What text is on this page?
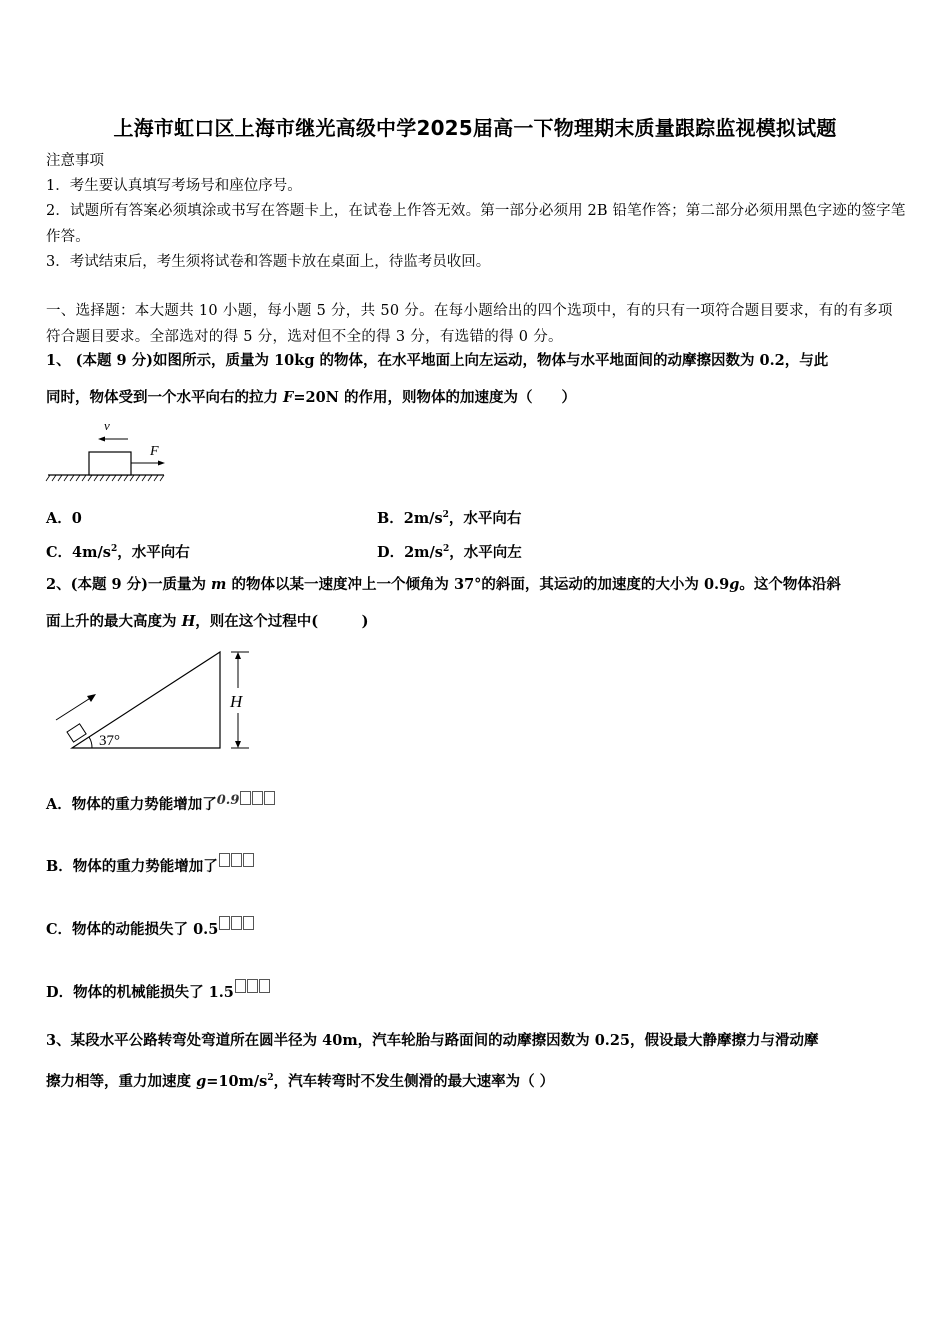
上海市虹口区上海市继光高级中学2025届高一下物理期末质量跟踪监视模拟试题
注意事项
1．考生要认真填写考场号和座位序号。
2．试题所有答案必须填涂或书写在答题卡上，在试卷上作答无效。第一部分必须用 2B 铅笔作答；第二部分必须用黑色字迹的签字笔作答。
3．考试结束后，考生须将试卷和答题卡放在桌面上，待监考员收回。
一、选择题：本大题共 10 小题，每小题 5 分，共 50 分。在每小题给出的四个选项中，有的只有一项符合题目要求，有的有多项符合题目要求。全部选对的得 5 分，选对但不全的得 3 分，有选错的得 0 分。
1、 (本题 9 分)如图所示，质量为 10kg 的物体，在水平地面上向左运动，物体与水平地面间的动摩擦因数为 0.2，与此
同时，物体受到一个水平向右的拉力 F=20N 的作用，则物体的加速度为（　　）
v
F
A．0	B．$2m/s^2$，水平向右
C．$4m/s^2$，水平向右	D．$2m/s^2$，水平向左
2、(本题 9 分)一质量为 m 的物体以某一速度冲上一个倾角为 37°的斜面，其运动的加速度的大小为 0.9g。这个物体沿斜
面上升的最大高度为 H，则在这个过程中(　　　)
37°
H
A．物体的重力势能增加了0.9
B．物体的重力势能增加了
C．物体的动能损失了 0.5
D．物体的机械能损失了 1.5
3、某段水平公路转弯处弯道所在圆半径为 40m，汽车轮胎与路面间的动摩擦因数为 0.25，假设最大静摩擦力与滑动摩
擦力相等，重力加速度 $g=10m/s^2$，汽车转弯时不发生侧滑的最大速率为（ ）
